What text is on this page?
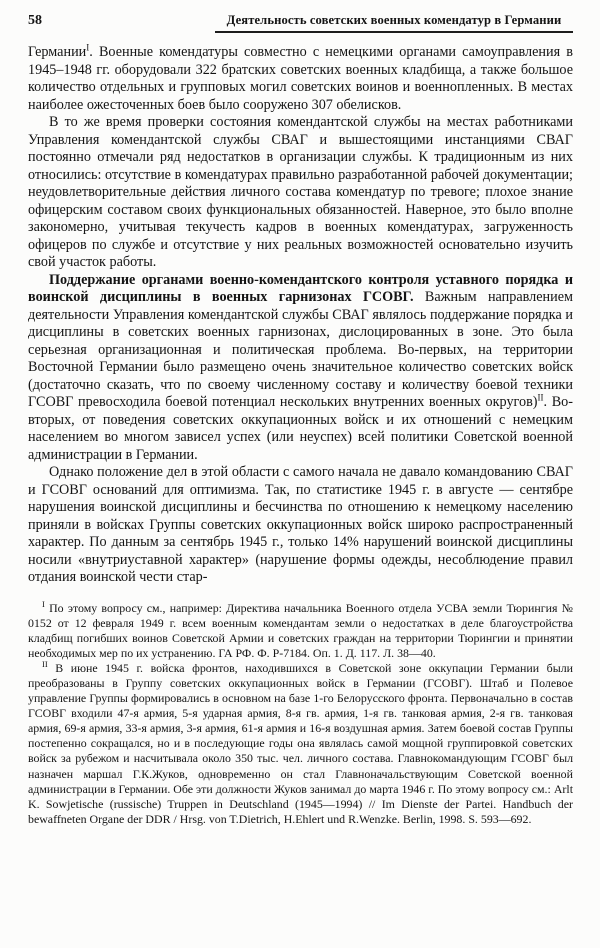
58	Деятельность советских военных комендатур в Германии

Германии$^I$. Военные комендатуры совместно с немецкими органами самоуправления в 1945–1948 гг. оборудовали 322 братских советских военных кладбища, а также большое количество отдельных и групповых могил советских воинов и военнопленных. В местах наиболее ожесточенных боев было сооружено 307 обелисков.

В то же время проверки состояния комендантской службы на местах работниками Управления комендантской службы СВАГ и вышестоящими инстанциями СВАГ постоянно отмечали ряд недостатков в организации службы. К традиционным из них относились: отсутствие в комендатурах правильно разработанной рабочей документации; неудовлетворительные действия личного состава комендатур по тревоге; плохое знание офицерским составом своих функциональных обязанностей. Наверное, это было вполне закономерно, учитывая текучесть кадров в военных комендатурах, загруженность офицеров по службе и отсутствие у них реальных возможностей основательно изучить свой участок работы.

Поддержание органами военно-комендантского контроля уставного порядка и воинской дисциплины в военных гарнизонах ГСОВГ. Важным направлением деятельности Управления комендантской службы СВАГ являлось поддержание порядка и дисциплины в советских военных гарнизонах, дислоцированных в зоне. Это была серьезная организационная и политическая проблема. Во-первых, на территории Восточной Германии было размещено очень значительное количество советских войск (достаточно сказать, что по своему численному составу и количеству боевой техники ГСОВГ превосходила боевой потенциал нескольких внутренних военных округов)$^{II}$. Во-вторых, от поведения советских оккупационных войск и их отношений с немецким населением во многом зависел успех (или неуспех) всей политики Советской военной администрации в Германии.

Однако положение дел в этой области с самого начала не давало командованию СВАГ и ГСОВГ оснований для оптимизма. Так, по статистике 1945 г. в августе — сентябре нарушения воинской дисциплины и бесчинства по отношению к немецкому населению приняли в войсках Группы советских оккупационных войск широко распространенный характер. По данным за сентябрь 1945 г., только 14% нарушений воинской дисциплины носили «внутриуставной характер» (нарушение формы одежды, несоблюдение правил отдания воинской чести стар-

$^I$ По этому вопросу см., например: Директива начальника Военного отдела УСВА земли Тюрингия № 0152 от 12 февраля 1949 г. всем военным комендантам земли о недостатках в деле благоустройства кладбищ погибших воинов Советской Армии и советских граждан на территории Тюрингии и принятии необходимых мер по их устранению. ГА РФ. Ф. Р-7184. Оп. 1. Д. 117. Л. 38—40.

$^{II}$ В июне 1945 г. войска фронтов, находившихся в Советской зоне оккупации Германии были преобразованы в Группу советских оккупационных войск в Германии (ГСОВГ). Штаб и Полевое управление Группы формировались в основном на базе 1-го Белорусского фронта. Первоначально в состав ГСОВГ входили 47-я армия, 5-я ударная армия, 8-я гв. армия, 1-я гв. танковая армия, 2-я гв. танковая армия, 69-я армия, 33-я армия, 3-я армия, 61-я армия и 16-я воздушная армия. Затем боевой состав Группы постепенно сокращался, но и в последующие годы она являлась самой мощной группировкой советских войск за рубежом и насчитывала около 350 тыс. чел. личного состава. Главнокомандующим ГСОВГ был назначен маршал Г.К.Жуков, одновременно он стал Главноначальствующим Советской военной администрации в Германии. Обе эти должности Жуков занимал до марта 1946 г. По этому вопросу см.: Arlt K. Sowjetische (russische) Truppen in Deutschland (1945—1994) // Im Dienste der Partei. Handbuch der bewaffneten Organe der DDR / Hrsg. von T.Dietrich, H.Ehlert und R.Wenzke. Berlin, 1998. S. 593—692.
